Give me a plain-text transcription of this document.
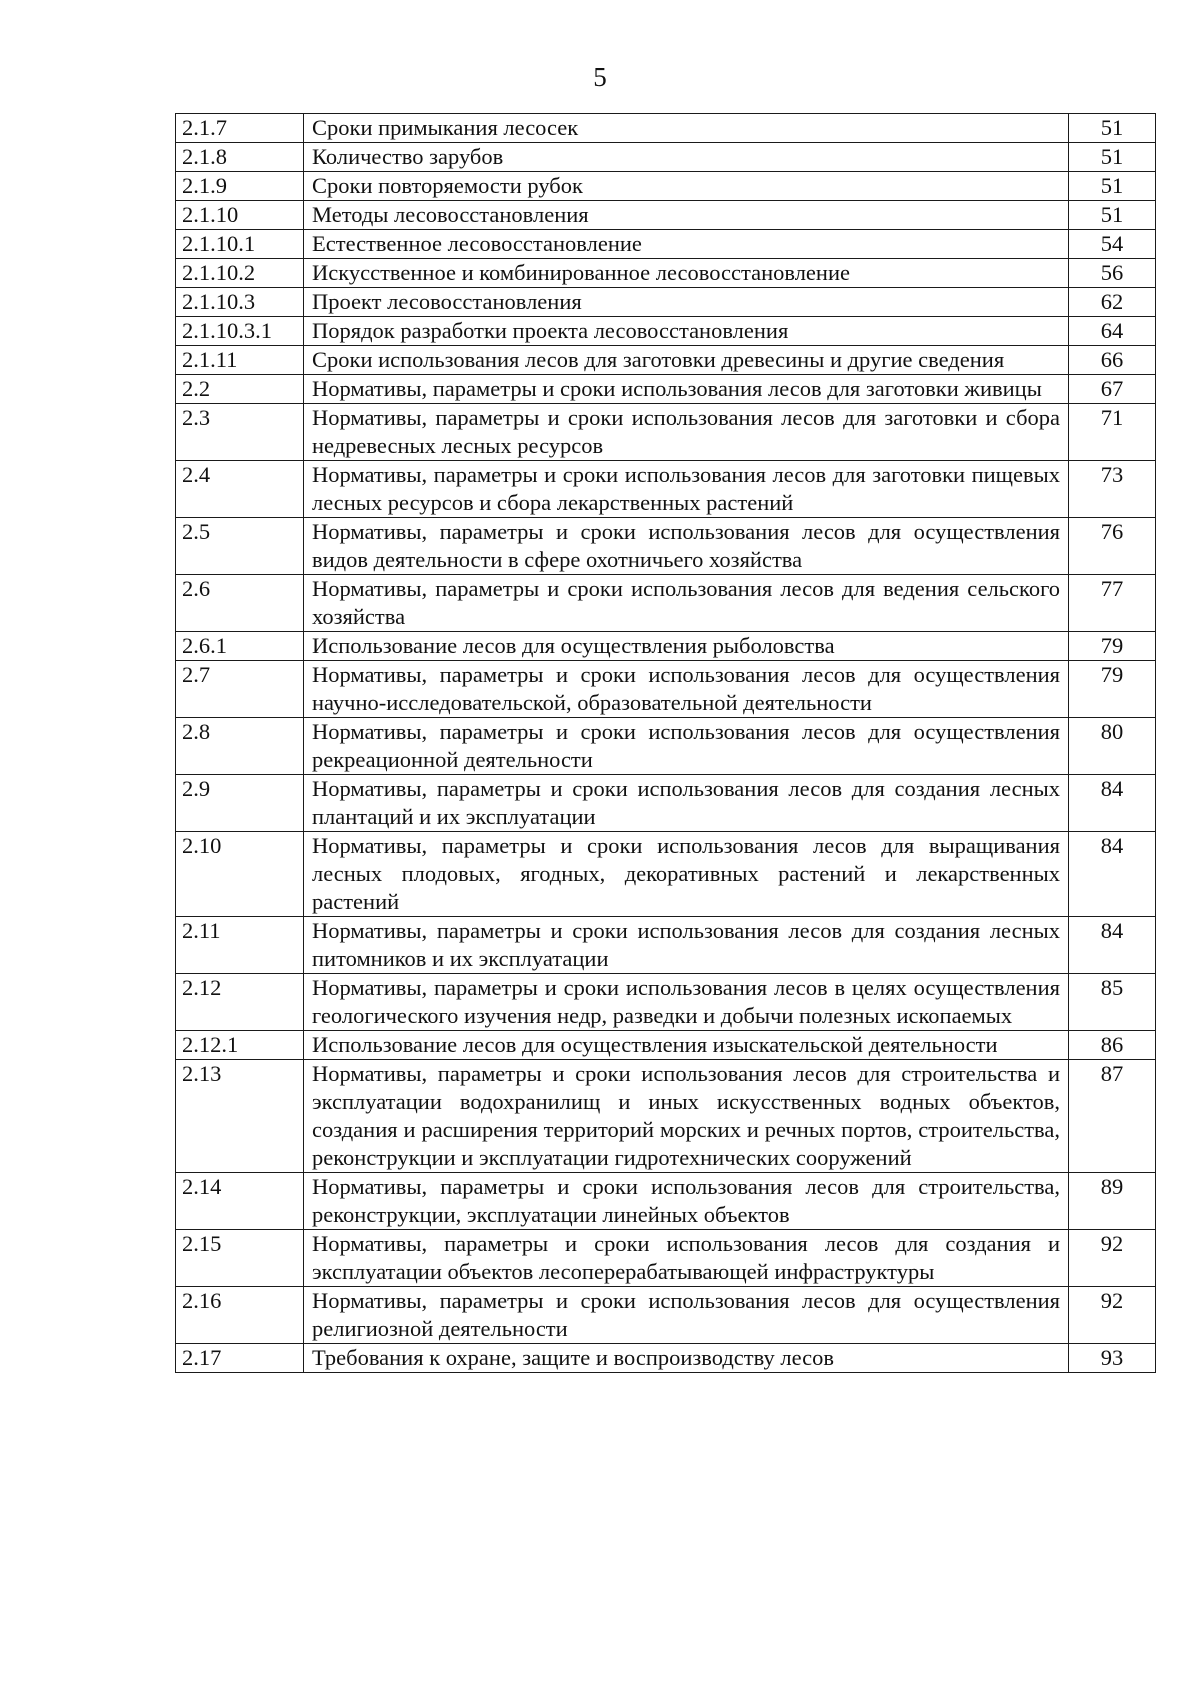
5
2.1.7	Сроки примыкания лесосек	51
2.1.8	Количество зарубов	51
2.1.9	Сроки повторяемости рубок	51
2.1.10	Методы лесовосстановления	51
2.1.10.1	Естественное лесовосстановление	54
2.1.10.2	Искусственное и комбинированное лесовосстановление	56
2.1.10.3	Проект лесовосстановления	62
2.1.10.3.1	Порядок разработки проекта лесовосстановления	64
2.1.11	Сроки использования лесов для заготовки древесины и другие сведения	66
2.2	Нормативы, параметры и сроки использования лесов для заготовки живицы	67
2.3	Нормативы, параметры и сроки использования лесов для заготовки и сбора недревесных лесных ресурсов	71
2.4	Нормативы, параметры и сроки использования лесов для заготовки пищевых лесных ресурсов и сбора лекарственных растений	73
2.5	Нормативы, параметры и сроки использования лесов для осуществления видов деятельности в сфере охотничьего хозяйства	76
2.6	Нормативы, параметры и сроки использования лесов для ведения сельского хозяйства	77
2.6.1	Использование лесов для осуществления рыболовства	79
2.7	Нормативы, параметры и сроки использования лесов для осуществления научно-исследовательской, образовательной деятельности	79
2.8	Нормативы, параметры и сроки использования лесов для осуществления рекреационной деятельности	80
2.9	Нормативы, параметры и сроки использования лесов для создания лесных плантаций и их эксплуатации	84
2.10	Нормативы, параметры и сроки использования лесов для выращивания лесных плодовых, ягодных, декоративных растений и лекарственных растений	84
2.11	Нормативы, параметры и сроки использования лесов для создания лесных питомников и их эксплуатации	84
2.12	Нормативы, параметры и сроки использования лесов в целях осуществления геологического изучения недр, разведки и добычи полезных ископаемых	85
2.12.1	Использование лесов для осуществления изыскательской деятельности	86
2.13	Нормативы, параметры и сроки использования лесов для строительства и эксплуатации водохранилищ и иных искусственных водных объектов, создания и расширения территорий морских и речных портов, строительства, реконструкции и эксплуатации гидротехнических сооружений	87
2.14	Нормативы, параметры и сроки использования лесов для строительства, реконструкции, эксплуатации линейных объектов	89
2.15	Нормативы, параметры и сроки использования лесов для создания и эксплуатации объектов лесоперерабатывающей инфраструктуры	92
2.16	Нормативы, параметры и сроки использования лесов для осуществления религиозной деятельности	92
2.17	Требования к охране, защите и воспроизводству лесов	93
